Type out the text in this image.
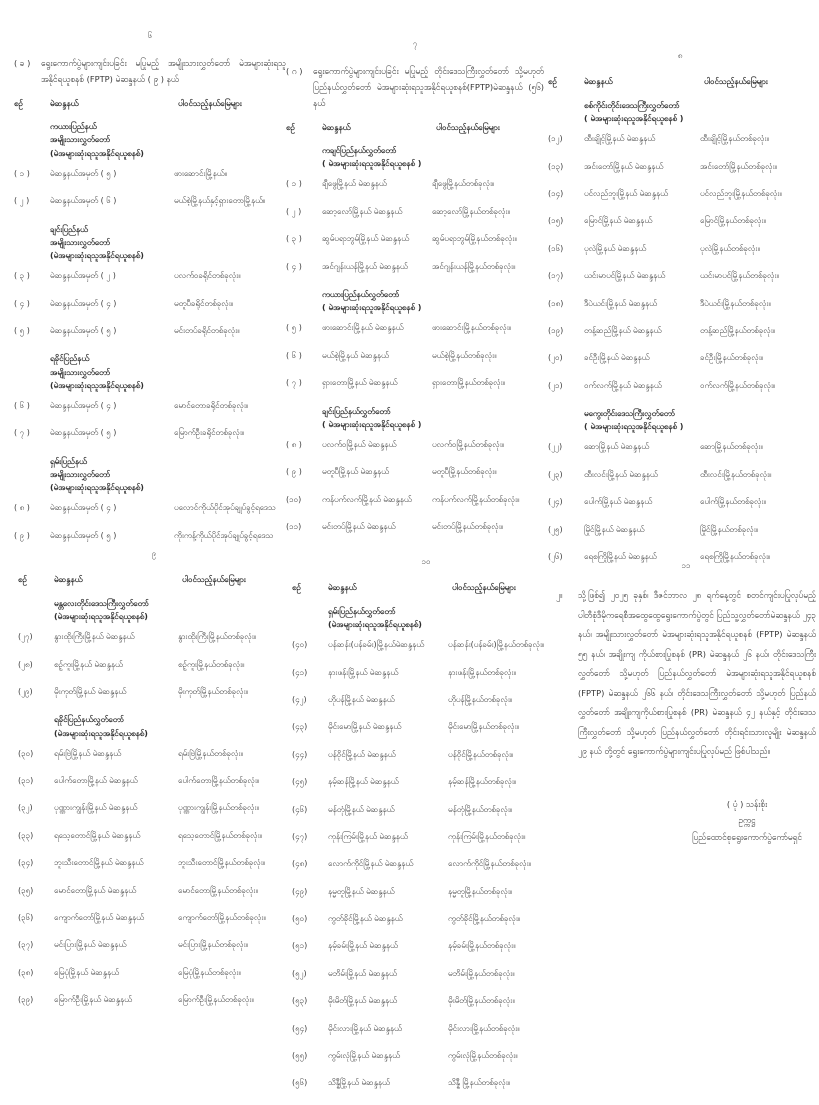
၆
( ခ )	ရွေးကောက်ပွဲများကျင်းပခြင်း မပြုမည့် အမျိုးသားလွှတ်တော် မဲအများဆုံးရသူ အနိုင်ရယူစနစ် (FPTP) မဲဆန္ဒနယ် ( ၉ ) နယ်
စဉ်	မဲဆန္ဒနယ်	ပါဝင်သည့်နယ်မြေများ
ကယားပြည်နယ်
အမျိုးသားလွှတ်တော်
(မဲအများဆုံးရသူအနိုင်ရယူစနစ်)
( ၁ )	မဲဆန္ဒနယ်အမှတ် ( ၅ )	ဖားဆောင်းမြို့နယ်။
( ၂ )	မဲဆန္ဒနယ်အမှတ် ( ၆ )	မယ်စဲ့မြို့နယ်နှင့်ရှားတောမြို့နယ်။
ချင်းပြည်နယ်
အမျိုးသားလွှတ်တော်
(မဲအများဆုံးရသူအနိုင်ရယူစနစ်)
( ၃ )	မဲဆန္ဒနယ်အမှတ် ( ၂ )	ပလက်ဝခရိုင်တစ်ခုလုံး။
( ၄ )	မဲဆန္ဒနယ်အမှတ် ( ၄ )	မတူပီခရိုင်တစ်ခုလုံး။
( ၅ )	မဲဆန္ဒနယ်အမှတ် ( ၅ )	မင်းတပ်ခရိုင်တစ်ခုလုံး။
ရခိုင်ပြည်နယ်
အမျိုးသားလွှတ်တော်
(မဲအများဆုံးရသူအနိုင်ရယူစနစ်)
( ၆ )	မဲဆန္ဒနယ်အမှတ် ( ၄ )	မောင်တောခရိုင်တစ်ခုလုံး။
( ၇ )	မဲဆန္ဒနယ်အမှတ် ( ၅ )	မြောက်ဦးခရိုင်တစ်ခုလုံး။
ရှမ်းပြည်နယ်
အမျိုးသားလွှတ်တော်
(မဲအများဆုံးရသူအနိုင်ရယူစနစ်)
( ၈ )	မဲဆန္ဒနယ်အမှတ် ( ၄ )	ပလောင်ကိုယ်ပိုင်အုပ်ချုပ်ခွင့်ရဒေသ
( ၉ )	မဲဆန္ဒနယ်အမှတ် ( ၅ )	ကိုးကန့်ကိုယ်ပိုင်အုပ်ချုပ်ခွင့်ရဒေသ
၇
( ဂ )	ရွေးကောက်ပွဲများကျင်းပခြင်း မပြုမည့် တိုင်းဒေသကြီးလွှတ်တော် သို့မဟုတ် ပြည်နယ်လွှတ်တော် မဲအများဆုံးရသူအနိုင်ရယူစနစ်(FPTP)မဲဆန္ဒနယ် (၅၆) နယ်
စဉ်	မဲဆန္ဒနယ်	ပါဝင်သည့်နယ်မြေများ
ကချင်ပြည်နယ်လွှတ်တော်
( မဲအများဆုံးရသူအနိုင်ရယူစနစ် )
( ၁ )	ချီဖွေမြို့နယ် မဲဆန္ဒနယ်	ချီဖွေမြို့နယ်တစ်ခုလုံး။
( ၂ )	ဆော့လော်မြို့နယ် မဲဆန္ဒနယ်	ဆော့လော်မြို့နယ်တစ်ခုလုံး။
( ၃ )	ဆွမ်ပရာဘွမ်မြို့နယ် မဲဆန္ဒနယ်	ဆွမ်ပရာဘွမ်မြို့နယ်တစ်ခုလုံး။
( ၄ )	အင်ဂျန်းယန်မြို့နယ် မဲဆန္ဒနယ်	အင်ဂျန်းယန်မြို့နယ်တစ်ခုလုံး။
ကယားပြည်နယ်လွှတ်တော်
( မဲအများဆုံးရသူအနိုင်ရယူစနစ် )
( ၅ )	ဖားဆောင်းမြို့နယ် မဲဆန္ဒနယ်	ဖားဆောင်းမြို့နယ်တစ်ခုလုံး။
( ၆ )	မယ်စဲ့မြို့နယ် မဲဆန္ဒနယ်	မယ်စဲ့မြို့နယ်တစ်ခုလုံး။
( ၇ )	ရှားတောမြို့နယ် မဲဆန္ဒနယ်	ရှားတောမြို့နယ်တစ်ခုလုံး။
ချင်းပြည်နယ်လွှတ်တော်
( မဲအများဆုံးရသူအနိုင်ရယူစနစ် )
( ၈ )	ပလက်ဝမြို့နယ် မဲဆန္ဒနယ်	ပလက်ဝမြို့နယ်တစ်ခုလုံး။
( ၉ )	မတူပီမြို့နယ် မဲဆန္ဒနယ်	မတူပီမြို့နယ်တစ်ခုလုံး။
(၁၀)	ကန်ပက်လက်မြို့နယ် မဲဆန္ဒနယ်	ကန်ပက်လက်မြို့နယ်တစ်ခုလုံး။
(၁၁)	မင်းတပ်မြို့နယ် မဲဆန္ဒနယ်	မင်းတပ်မြို့နယ်တစ်ခုလုံး။
၈
စဉ်	မဲဆန္ဒနယ်	ပါဝင်သည့်နယ်မြေများ
စစ်ကိုင်းတိုင်းဒေသကြီးလွှတ်တော်
( မဲအများဆုံးရသူအနိုင်ရယူစနစ် )
(၁၂)	ထီးချိုင့်မြို့နယ် မဲဆန္ဒနယ်	ထီးချိုင့်မြို့နယ်တစ်ခုလုံး။
(၁၃)	အင်းတော်မြို့နယ် မဲဆန္ဒနယ်	အင်းတော်မြို့နယ်တစ်ခုလုံး။
(၁၄)	ပင်လည်ဘူးမြို့နယ် မဲဆန္ဒနယ်	ပင်လည်ဘူးမြို့နယ်တစ်ခုလုံး။
(၁၅)	မြောင်မြို့နယ် မဲဆန္ဒနယ်	မြောင်မြို့နယ်တစ်ခုလုံး။
(၁၆)	ပုလဲမြို့နယ် မဲဆန္ဒနယ်	ပုလဲမြို့နယ်တစ်ခုလုံး။
(၁၇)	ယင်းမာပင်မြို့နယ် မဲဆန္ဒနယ်	ယင်းမာပင်မြို့နယ်တစ်ခုလုံး။
(၁၈)	ဒီပဲယင်းမြို့နယ် မဲဆန္ဒနယ်	ဒီပဲယင်းမြို့နယ်တစ်ခုလုံး။
(၁၉)	တန့်ဆည်မြို့နယ် မဲဆန္ဒနယ်	တန့်ဆည်မြို့နယ်တစ်ခုလုံး။
(၂၀)	ခင်ဦးမြို့နယ် မဲဆန္ဒနယ်	ခင်ဦးမြို့နယ်တစ်ခုလုံး။
(၂၁)	ဝက်လက်မြို့နယ် မဲဆန္ဒနယ်	ဝက်လက်မြို့နယ်တစ်ခုလုံး။
မကွေးတိုင်းဒေသကြီးလွှတ်တော်
( မဲအများဆုံးရသူအနိုင်ရယူစနစ် )
(၂၂)	ဆောမြို့နယ် မဲဆန္ဒနယ်	ဆောမြို့နယ်တစ်ခုလုံး။
(၂၃)	ထီးလင်းမြို့နယ် မဲဆန္ဒနယ်	ထီးလင်းမြို့နယ်တစ်ခုလုံး။
(၂၄)	ပေါက်မြို့နယ် မဲဆန္ဒနယ်	ပေါက်မြို့နယ်တစ်ခုလုံး။
(၂၅)	မြိုင်မြို့နယ် မဲဆန္ဒနယ်	မြိုင်မြို့နယ်တစ်ခုလုံး။
(၂၆)	ရေစကြိုမြို့နယ် မဲဆန္ဒနယ်	ရေစကြိုမြို့နယ်တစ်ခုလုံး။
၉
စဉ်	မဲဆန္ဒနယ်	ပါဝင်သည့်နယ်မြေများ
မန္တလေးတိုင်းဒေသကြီးလွှတ်တော်
(မဲအများဆုံးရသူအနိုင်ရယူစနစ်)
(၂၇)	နွားထိုးကြီးမြို့နယ် မဲဆန္ဒနယ်	နွားထိုးကြီးမြို့နယ်တစ်ခုလုံး။
(၂၈)	စဉ့်ကူးမြို့နယ် မဲဆန္ဒနယ်	စဉ့်ကူးမြို့နယ်တစ်ခုလုံး။
(၂၉)	မိုးကုတ်မြို့နယ် မဲဆန္ဒနယ်	မိုးကုတ်မြို့နယ်တစ်ခုလုံး။
ရခိုင်ပြည်နယ်လွှတ်တော်
(မဲအများဆုံးရသူအနိုင်ရယူစနစ်)
(၃၀)	ရမ်းဗြဲမြို့နယ် မဲဆန္ဒနယ်	ရမ်းဗြဲမြို့နယ်တစ်ခုလုံး။
(၃၁)	ပေါက်တောမြို့နယ် မဲဆန္ဒနယ်	ပေါက်တောမြို့နယ်တစ်ခုလုံး။
(၃၂)	ပုဏ္ဏားကျွန်းမြို့နယ် မဲဆန္ဒနယ်	ပုဏ္ဏားကျွန်းမြို့နယ်တစ်ခုလုံး။
(၃၃)	ရသေ့တောင်မြို့နယ် မဲဆန္ဒနယ်	ရသေ့တောင်မြို့နယ်တစ်ခုလုံး။
(၃၄)	ဘူးသီးတောင်မြို့နယ် မဲဆန္ဒနယ်	ဘူးသီးတောင်မြို့နယ်တစ်ခုလုံး။
(၃၅)	မောင်တောမြို့နယ် မဲဆန္ဒနယ်	မောင်တောမြို့နယ်တစ်ခုလုံး။
(၃၆)	ကျောက်တော်မြို့နယ် မဲဆန္ဒနယ်	ကျောက်တော်မြို့နယ်တစ်ခုလုံး။
(၃၇)	မင်းပြားမြို့နယ် မဲဆန္ဒနယ်	မင်းပြားမြို့နယ်တစ်ခုလုံး။
(၃၈)	မြေပုံမြို့နယ် မဲဆန္ဒနယ်	မြေပုံမြို့နယ်တစ်ခုလုံး။
(၃၉)	မြောက်ဦးမြို့နယ် မဲဆန္ဒနယ်	မြောက်ဦးမြို့နယ်တစ်ခုလုံး။
၁၀
စဉ်	မဲဆန္ဒနယ်	ပါဝင်သည့်နယ်မြေများ
ရှမ်းပြည်နယ်လွှတ်တော်
(မဲအများဆုံးရသူအနိုင်ရယူစနစ်)
(၄၀)	ပန်ဆန်း(ပန်ခမ်း)မြို့နယ်မဲဆန္ဒနယ်	ပန်ဆန်း(ပန်ခမ်း)မြို့နယ်တစ်ခုလုံး။
(၄၁)	နားဖန်းမြို့နယ် မဲဆန္ဒနယ်	နားဖန်းမြို့နယ်တစ်ခုလုံး။
(၄၂)	ဟိုပန်မြို့နယ် မဲဆန္ဒနယ်	ဟိုပန်မြို့နယ်တစ်ခုလုံး။
(၄၃)	မိုင်းမောမြို့နယ် မဲဆန္ဒနယ်	မိုင်းမောမြို့နယ်တစ်ခုလုံး။
(၄၄)	ပန်ဝိုင်မြို့နယ် မဲဆန္ဒနယ်	ပန်ဝိုင်မြို့နယ်တစ်ခုလုံး။
(၄၅)	နမ့်ဆန်မြို့နယ် မဲဆန္ဒနယ်	နမ့်ဆန်မြို့နယ်တစ်ခုလုံး။
(၄၆)	မန်တုံမြို့နယ် မဲဆန္ဒနယ်	မန်တုံမြို့နယ်တစ်ခုလုံး။
(၄၇)	ကုန်းကြမ်းမြို့နယ် မဲဆန္ဒနယ်	ကုန်းကြမ်းမြို့နယ်တစ်ခုလုံး။
(၄၈)	လောက်ကိုင်မြို့နယ် မဲဆန္ဒနယ်	လောက်ကိုင်မြို့နယ်တစ်ခုလုံး။
(၄၉)	နမ္မတူမြို့နယ် မဲဆန္ဒနယ်	နမ္မတူမြို့နယ်တစ်ခုလုံး။
(၅၀)	ကွတ်ခိုင်မြို့နယ် မဲဆန္ဒနယ်	ကွတ်ခိုင်မြို့နယ်တစ်ခုလုံး။
(၅၁)	နမ့်ခမ်းမြို့နယ် မဲဆန္ဒနယ်	နမ့်ခမ်းမြို့နယ်တစ်ခုလုံး။
(၅၂)	မဘိမ်းမြို့နယ် မဲဆန္ဒနယ်	မဘိမ်းမြို့နယ်တစ်ခုလုံး။
(၅၃)	မိုးမိတ်မြို့နယ် မဲဆန္ဒနယ်	မိုးမိတ်မြို့နယ်တစ်ခုလုံး။
(၅၄)	မိုင်းလားမြို့နယ် မဲဆန္ဒနယ်	မိုင်းလားမြို့နယ်တစ်ခုလုံး။
(၅၅)	ကွမ်းလုံမြို့နယ် မဲဆန္ဒနယ်	ကွမ်းလုံမြို့နယ်တစ်ခုလုံး။
(၅၆)	သိန္နီမြို့နယ် မဲဆန္ဒနယ်	သိန္နီ မြို့နယ်တစ်ခုလုံး။
၁၁
၂။	သို့ဖြစ်၍ ၂၀၂၅ ခုနှစ်၊ ဒီဇင်ဘာလ ၂၈ ရက်နေ့တွင် စတင်ကျင်းပပြုလုပ်မည့် ပါတီစုံဒီမိုကရေစီအထွေထွေရွေးကောက်ပွဲတွင် ပြည်သူ့လွှတ်တော်မဲဆန္ဒနယ် ၂၄၃ နယ်၊ အမျိုးသားလွှတ်တော် မဲအများဆုံးရသူအနိုင်ရယူစနစ် (FPTP) မဲဆန္ဒနယ် ၅၅ နယ်၊ အချိုးကျ ကိုယ်စားပြုစနစ် (PR) မဲဆန္ဒနယ် ၂၆ နယ်၊ တိုင်းဒေသကြီးလွှတ်တော် သို့မဟုတ် ပြည်နယ်လွှတ်တော် မဲအများဆုံးရသူအနိုင်ရယူစနစ် (FPTP) မဲဆန္ဒနယ် ၂၆၆ နယ်၊ တိုင်းဒေသကြီးလွှတ်တော် သို့မဟုတ် ပြည်နယ်လွှတ်တော် အချိုးကျကိုယ်စားပြုစနစ် (PR) မဲဆန္ဒနယ် ၄၂ နယ်နှင့် တိုင်းဒေသကြီးလွှတ်တော် သို့မဟုတ် ပြည်နယ်လွှတ်တော် တိုင်းရင်းသားလူမျိုး မဲဆန္ဒနယ် ၂၉ နယ် တို့တွင် ရွေးကောက်ပွဲများကျင်းပပြုလုပ်မည် ဖြစ်ပါသည်။
( ပုံ ) သန်းစိုး
ဥက္ကဋ္ဌ
ပြည်ထောင်စုရွေးကောက်ပွဲကော်မရှင်
